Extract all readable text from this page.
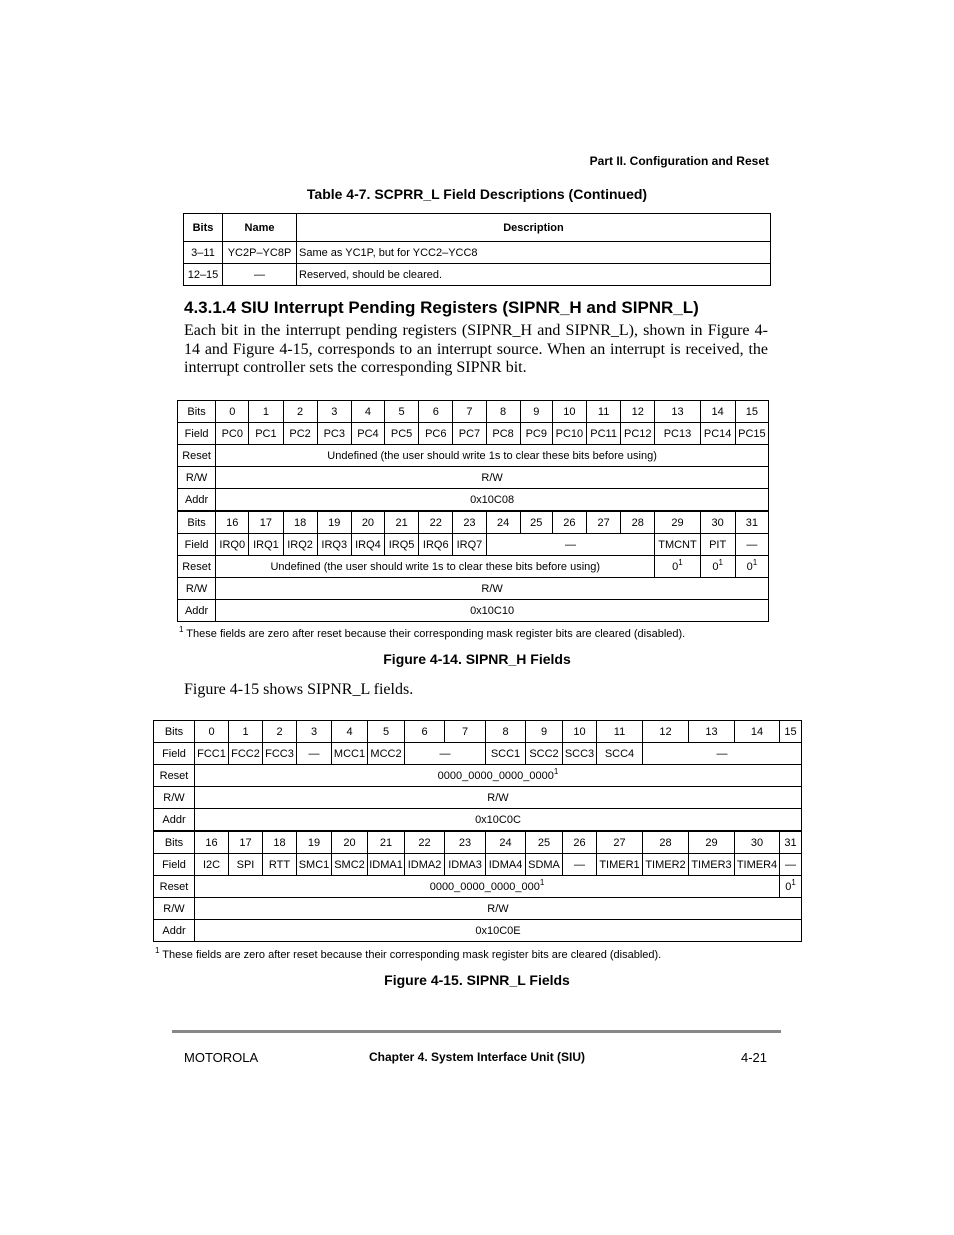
Part II. Configuration and Reset
Table 4-7. SCPRR_L Field Descriptions (Continued)
Bits	Name	Description
3–11	YC2P–YC8P	Same as YC1P, but for YCC2–YCC8
12–15	—	Reserved, should be cleared.
4.3.1.4 SIU Interrupt Pending Registers (SIPNR_H and SIPNR_L)
Each bit in the interrupt pending registers (SIPNR_H and SIPNR_L), shown in Figure 4-14 and Figure 4-15, corresponds to an interrupt source. When an interrupt is received, the interrupt controller sets the corresponding SIPNR bit.
Bits	0	1	2	3	4	5	6	7	8	9	10	11	12	13	14	15
Field	PC0	PC1	PC2	PC3	PC4	PC5	PC6	PC7	PC8	PC9	PC10	PC11	PC12	PC13	PC14	PC15
Reset	Undefined (the user should write 1s to clear these bits before using)															
R/W	R/W															
Addr	0x10C08															
Bits	16	17	18	19	20	21	22	23	24	25	26	27	28	29	30	31
Field	IRQ0	IRQ1	IRQ2	IRQ3	IRQ4	IRQ5	IRQ6	IRQ7	—					TMCNT	PIT	—
Reset	Undefined (the user should write 1s to clear these bits before using)													$0^1$	$0^1$	$0^1$
R/W	R/W															
Addr	0x10C10															
$^1$ These fields are zero after reset because their corresponding mask register bits are cleared (disabled).
Figure 4-14. SIPNR_H Fields
Figure 4-15 shows SIPNR_L fields.
Bits	0	1	2	3	4	5	6	7	8	9	10	11	12	13	14	15
Field	FCC1	FCC2	FCC3	—	MCC1	MCC2	—		SCC1	SCC2	SCC3	SCC4	—			
Reset	0000_0000_0000_0000$^1$
R/W	R/W															
Addr	0x10C0C															
Bits	16	17	18	19	20	21	22	23	24	25	26	27	28	29	30	31
Field	I2C	SPI	RTT	SMC1	SMC2	IDMA1	IDMA2	IDMA3	IDMA4	SDMA	—	TIMER1	TIMER2	TIMER3	TIMER4	—
Reset	$0000\_0000\_0000\_000^1$															$0^1$
R/W	R/W															
Addr	0x10C0E															
$^1$ These fields are zero after reset because their corresponding mask register bits are cleared (disabled).
Figure 4-15. SIPNR_L Fields
MOTOROLA	Chapter 4. System Interface Unit (SIU)	4-21
